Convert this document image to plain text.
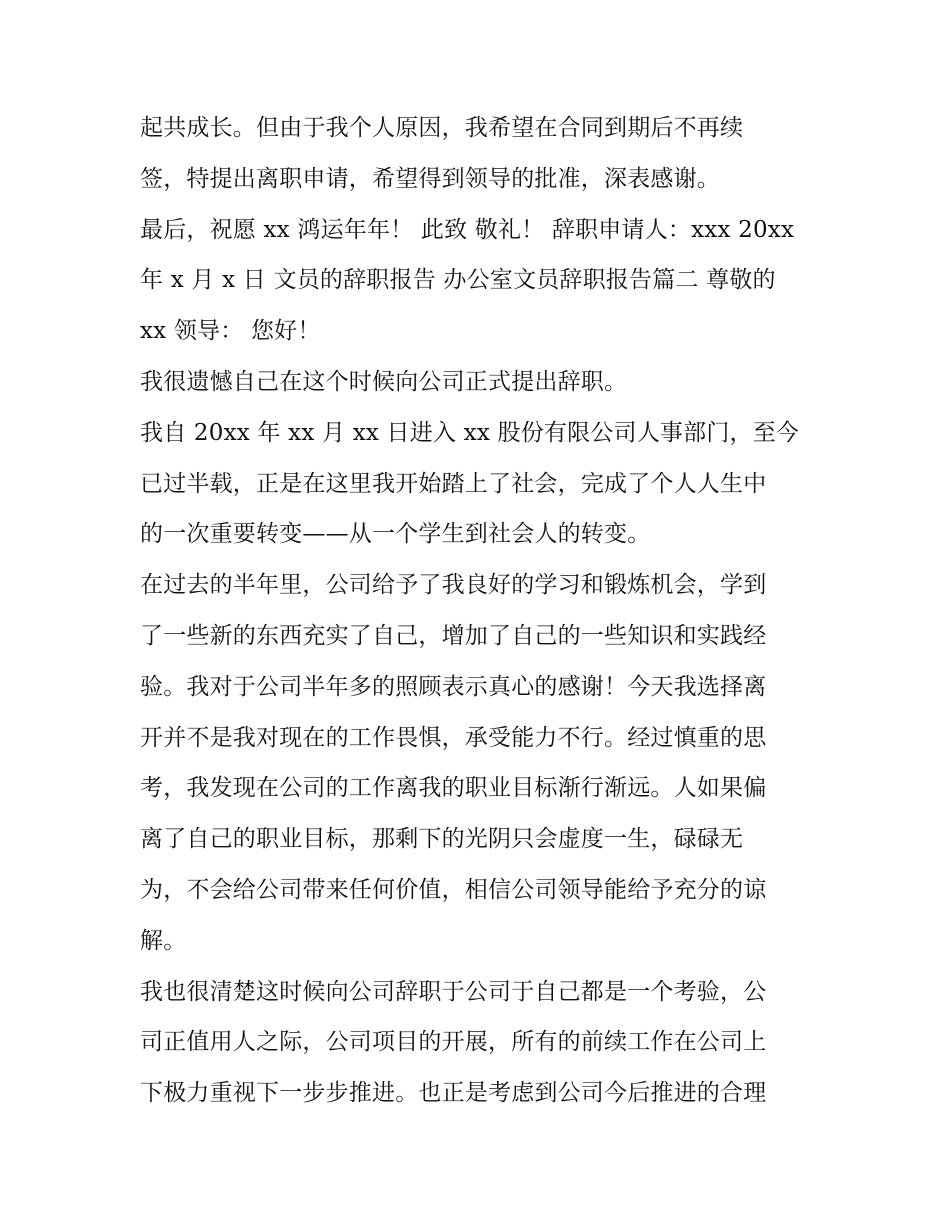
起共成长。但由于我个人原因，我希望在合同到期后不再续
签，特提出离职申请，希望得到领导的批准，深表感谢。
最后，祝愿 xx 鸿运年年！ 此致 敬礼！ 辞职申请人：xxx 20xx
年 x 月 x 日 文员的辞职报告 办公室文员辞职报告篇二 尊敬的
xx 领导： 您好！
我很遗憾自己在这个时候向公司正式提出辞职。
我自 20xx 年 xx 月 xx 日进入 xx 股份有限公司人事部门，至今
已过半载，正是在这里我开始踏上了社会，完成了个人人生中
的一次重要转变——从一个学生到社会人的转变。
在过去的半年里，公司给予了我良好的学习和锻炼机会，学到
了一些新的东西充实了自己，增加了自己的一些知识和实践经
验。我对于公司半年多的照顾表示真心的感谢！今天我选择离
开并不是我对现在的工作畏惧，承受能力不行。经过慎重的思
考，我发现在公司的工作离我的职业目标渐行渐远。人如果偏
离了自己的职业目标，那剩下的光阴只会虚度一生，碌碌无
为，不会给公司带来任何价值，相信公司领导能给予充分的谅
解。
我也很清楚这时候向公司辞职于公司于自己都是一个考验，公
司正值用人之际，公司项目的开展，所有的前续工作在公司上
下极力重视下一步步推进。也正是考虑到公司今后推进的合理
